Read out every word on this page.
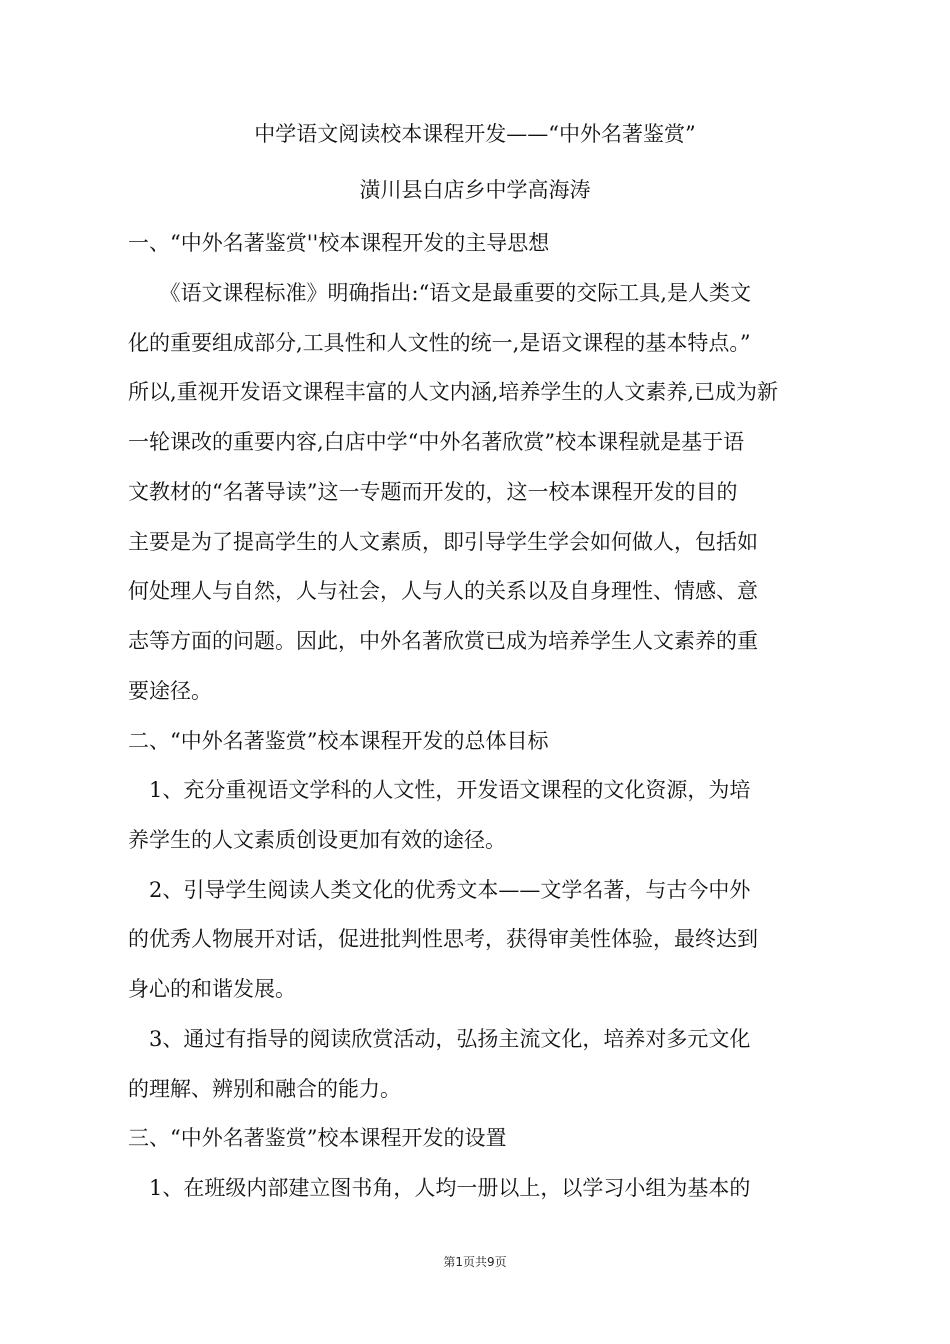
中学语文阅读校本课程开发——“中外名著鉴赏”
潢川县白店乡中学高海涛
一、“中外名著鉴赏''校本课程开发的主导思想
　　《语文课程标准》明确指出:“语文是最重要的交际工具,是人类文
化的重要组成部分,工具性和人文性的统一,是语文课程的基本特点。”
所以,重视开发语文课程丰富的人文内涵,培养学生的人文素养,已成为新
一轮课改的重要内容,白店中学“中外名著欣赏”校本课程就是基于语
文教材的“名著导读”这一专题而开发的，这一校本课程开发的目的
主要是为了提高学生的人文素质，即引导学生学会如何做人，包括如
何处理人与自然，人与社会，人与人的关系以及自身理性、情感、意
志等方面的问题。因此，中外名著欣赏已成为培养学生人文素养的重
要途径。
二、“中外名著鉴赏”校本课程开发的总体目标
　1、充分重视语文学科的人文性，开发语文课程的文化资源，为培
养学生的人文素质创设更加有效的途径。
　2、引导学生阅读人类文化的优秀文本——文学名著，与古今中外
的优秀人物展开对话，促进批判性思考，获得审美性体验，最终达到
身心的和谐发展。
　3、通过有指导的阅读欣赏活动，弘扬主流文化，培养对多元文化
的理解、辨别和融合的能力。
三、“中外名著鉴赏”校本课程开发的设置
　1、在班级内部建立图书角，人均一册以上，以学习小组为基本的
第1页共9页
